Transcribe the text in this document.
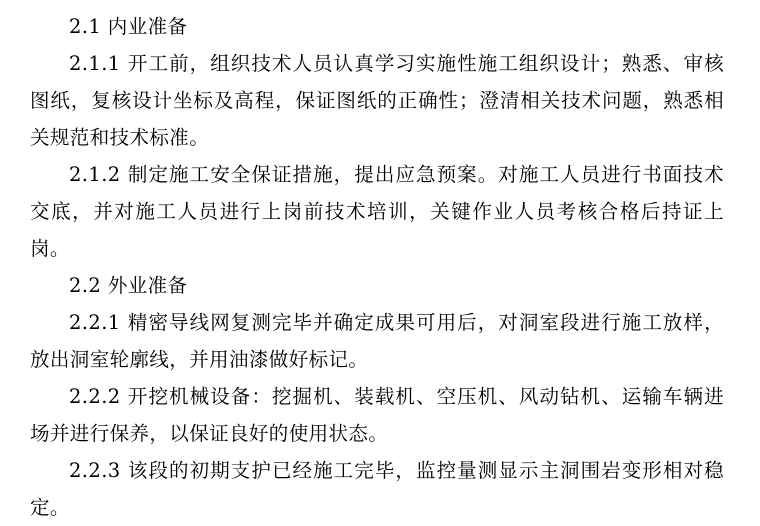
2.1 内业准备

2.1.1 开工前，组织技术人员认真学习实施性施工组织设计；熟悉、审核图纸，复核设计坐标及高程，保证图纸的正确性；澄清相关技术问题，熟悉相关规范和技术标准。

2.1.2 制定施工安全保证措施，提出应急预案。对施工人员进行书面技术交底，并对施工人员进行上岗前技术培训，关键作业人员考核合格后持证上岗。

2.2 外业准备

2.2.1 精密导线网复测完毕并确定成果可用后，对洞室段进行施工放样，放出洞室轮廓线，并用油漆做好标记。

2.2.2 开挖机械设备：挖掘机、装载机、空压机、风动钻机、运输车辆进场并进行保养，以保证良好的使用状态。

2.2.3 该段的初期支护已经施工完毕，监控量测显示主洞围岩变形相对稳定。
